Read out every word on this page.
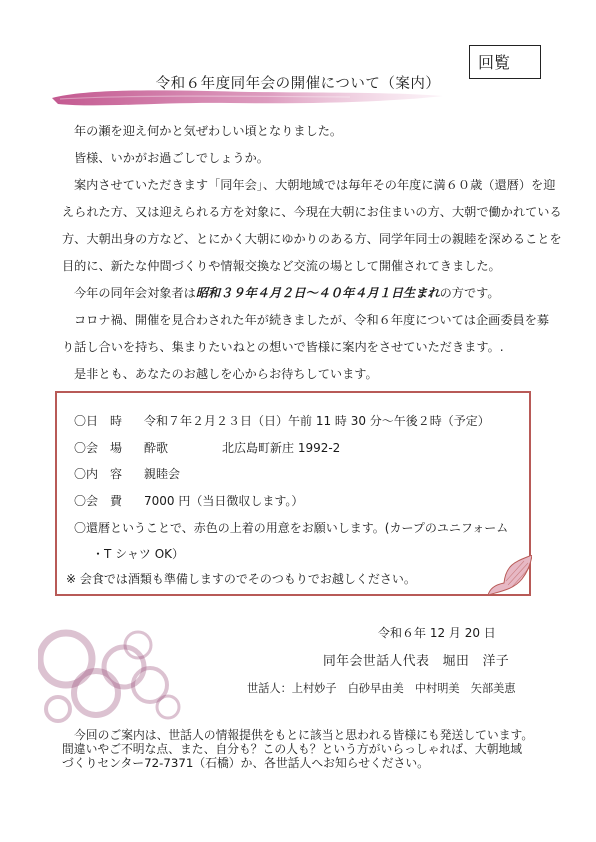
回覧
令和６年度同年会の開催について（案内）

年の瀬を迎え何かと気ぜわしい頃となりました。

皆様、いかがお過ごしでしょうか。

案内させていただきます「同年会」、大朝地域では毎年その年度に満６０歳（還暦）を迎

えられた方、又は迎えられる方を対象に、今現在大朝にお住まいの方、大朝で働かれている

方、大朝出身の方など、とにかく大朝にゆかりのある方、同学年同士の親睦を深めることを

目的に、新たな仲間づくりや情報交換など交流の場として開催されてきました。

今年の同年会対象者は昭和３９年４月２日～４０年４月１日生まれの方です。

コロナ禍、開催を見合わされた年が続きましたが、令和６年度については企画委員を募

り話し合いを持ち、集まりたいねとの想いで皆様に案内をさせていただきます。.

是非とも、あなたのお越しを心からお待ちしています。

〇日　時 令和７年２月２３日（日）午前 11 時 30 分～午後２時（予定）
〇会　場 酔歌	北広島町新庄 1992-2
〇内　容 親睦会
〇会　費 7000 円（当日徴収します。）
〇還暦ということで、赤色の上着の用意をお願いします。(カープのユニフォーム
・T シャツ OK）
※ 会食では酒類も準備しますのでそのつもりでお越しください。
令和６年 12 月 20 日
同年会世話人代表　堀田　洋子
世話人：上村妙子　白砂早由美　中村明美　矢部美恵

今回のご案内は、世話人の情報提供をもとに該当と思われる皆様にも発送しています。

間違いやご不明な点、また、自分も？この人も？という方がいらっしゃれば、大朝地域

づくりセンター72-7371（石橋）か、各世話人へお知らせください。
